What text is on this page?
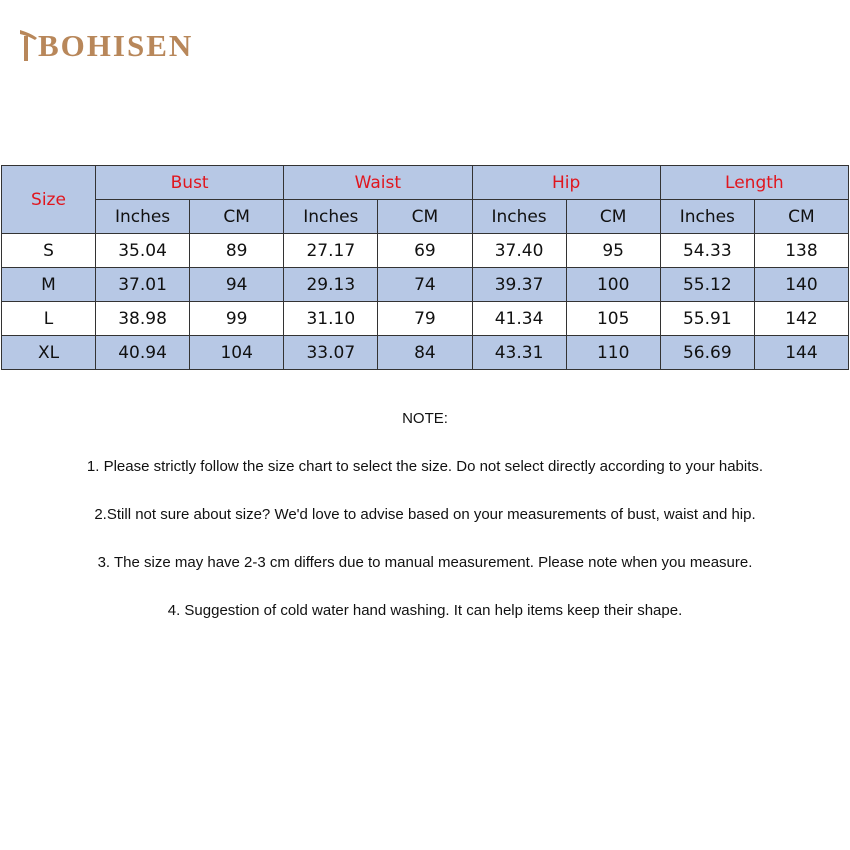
BOHISEN
Size	Bust		Waist		Hip		Length	
	Inches	CM	Inches	CM	Inches	CM	Inches	CM
S	35.04	89	27.17	69	37.40	95	54.33	138
M	37.01	94	29.13	74	39.37	100	55.12	140
L	38.98	99	31.10	79	41.34	105	55.91	142
XL	40.94	104	33.07	84	43.31	110	56.69	144

NOTE:

1. Please strictly follow the size chart to select the size. Do not select directly according to your habits.

2.Still not sure about size? We'd love to advise based on your measurements of bust, waist and hip.

3. The size may have 2-3 cm differs due to manual measurement. Please note when you measure.

4. Suggestion of cold water hand washing. It can help items keep their shape.
